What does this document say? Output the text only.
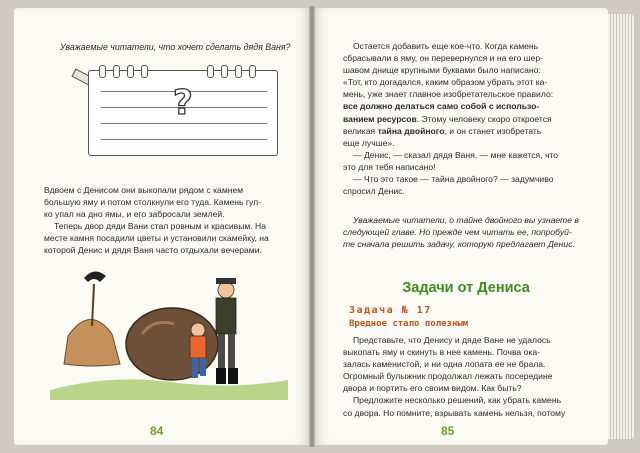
Уважаемые читатели, что хочет сделать дядя Ваня?
?
Вдвоем с Денисом они выкопали рядом с камнем
большую яму и потом столкнули его туда. Камень гул-
ко упал на дно ямы, и его забросали землей.
Теперь двор дяди Вани стал ровным и красивым. На
месте камня посадили цветы и установили скамейку, на
которой Денис и дядя Ваня часто отдыхали вечерами.
84
Остается добавить еще кое-что. Когда камень
сбрасывали в яму, он перевернулся и на его шер-
шавом днище крупными буквами было написано:
«Тот, кто догадался, каким образом убрать этот ка-
мень, уже знает главное изобретательское правило:
все должно делаться само собой с использо-
ванием ресурсов. Этому человеку скоро откроется
великая тайна двойного, и он станет изобретать
еще лучше».
— Денис, — сказал дядя Ваня, — мне кажется, что
это для тебя написано!
— Что это такое — тайна двойного? — задумчиво
спросил Денис.
Уважаемые читатели, о тайне двойного вы узнаете в
следующей главе. Но прежде чем читать ее, попробуй-
те сначала решить задачу, которую предлагает Денис.
Задачи от Дениса
Задача № 17
Вредное стало полезным
Представьте, что Денису и дяде Ване не удалось
выкопать яму и скинуть в нее камень. Почва ока-
залась каменистой, и ни одна лопата ее не брала.
Огромный булыжник продолжал лежать посередине
двора и портить его своим видом. Как быть?
Предложите несколько решений, как убрать камень
со двора. Но помните, взрывать камень нельзя, потому
85
